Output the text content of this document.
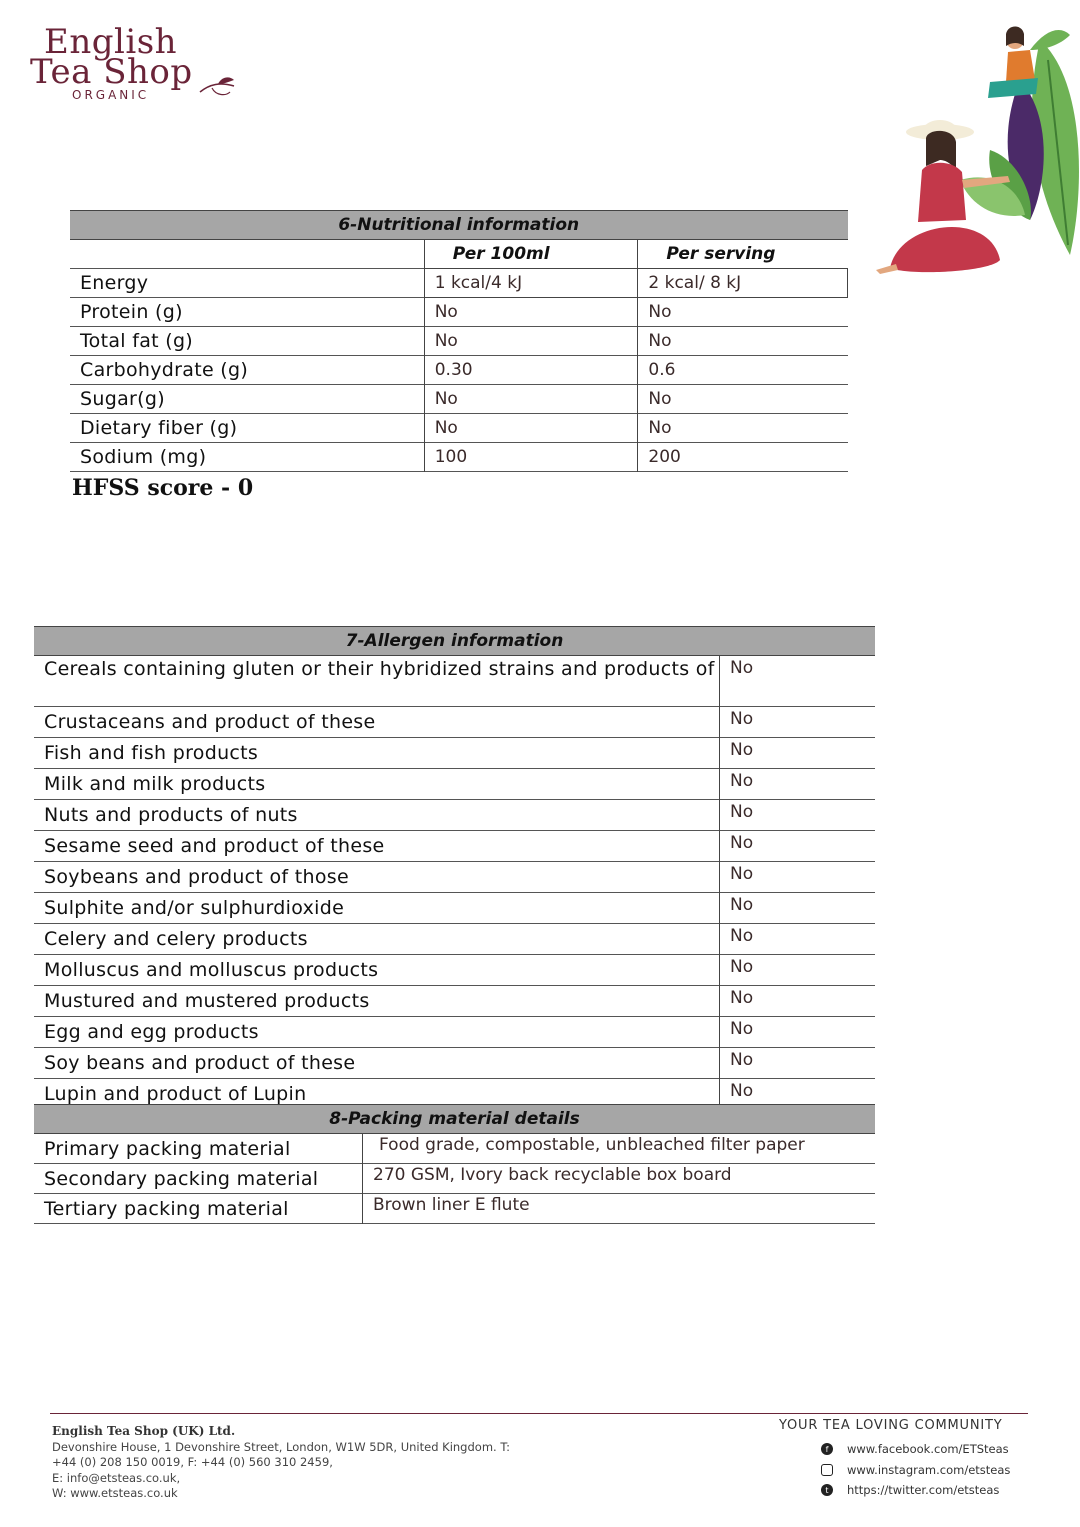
English
Tea Shop
ORGANIC
6-Nutritional information		
	Per 100ml	Per serving
Energy	1 kcal/4 kJ	2 kcal/ 8 kJ
Protein (g)	No	No
Total fat (g)	No	No
Carbohydrate (g)	0.30	0.6
Sugar(g)	No	No
Dietary fiber (g)	No	No
Sodium (mg)	100	200
HFSS score - 0
7-Allergen information	
Cereals containing gluten or their hybridized strains and products of	No
Crustaceans and product of these	No
Fish and fish products	No
Milk and milk products	No
Nuts and products of nuts	No
Sesame seed and product of these	No
Soybeans and product of those	No
Sulphite and/or sulphurdioxide	No
Celery and celery products	No
Molluscus and molluscus products	No
Mustured and mustered products	No
Egg and egg products	No
Soy beans and product of these	No
Lupin and product of Lupin	No
8-Packing material details	
Primary packing material	Food grade, compostable, unbleached filter paper
Secondary packing material	270 GSM, Ivory back recyclable box board
Tertiary packing material	Brown liner E flute
English Tea Shop (UK) Ltd.
Devonshire House, 1 Devonshire Street, London, W1W 5DR, United Kingdom. T:
+44 (0) 208 150 0019, F: +44 (0) 560 310 2459,
E: info@etsteas.co.uk,
W: www.etsteas.co.uk
YOUR TEA LOVING COMMUNITY
f	www.facebook.com/ETSteas
www.instagram.com/etsteas
t	https://twitter.com/etsteas
